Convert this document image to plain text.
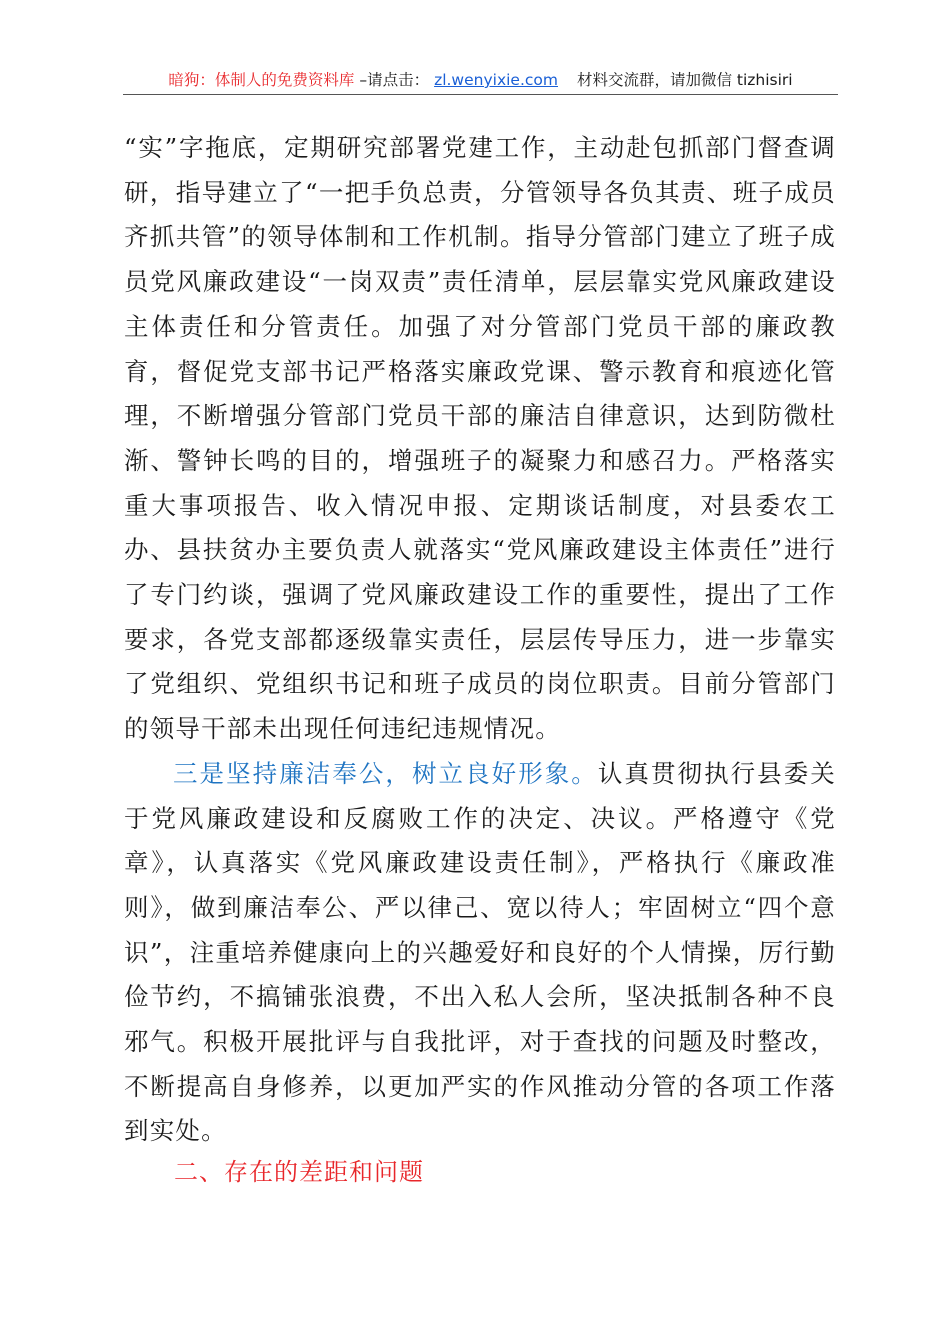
暗狗：体制人的免费资料库 –请点击： zl.wenyixie.com 材料交流群，请加微信 tizhisiri

“实”字拖底，定期研究部署党建工作，主动赴包抓部门督查调研，指导建立了“一把手负总责，分管领导各负其责、班子成员齐抓共管”的领导体制和工作机制。指导分管部门建立了班子成员党风廉政建设“一岗双责”责任清单，层层靠实党风廉政建设主体责任和分管责任。加强了对分管部门党员干部的廉政教育，督促党支部书记严格落实廉政党课、警示教育和痕迹化管理，不断增强分管部门党员干部的廉洁自律意识，达到防微杜渐、警钟长鸣的目的，增强班子的凝聚力和感召力。严格落实重大事项报告、收入情况申报、定期谈话制度，对县委农工办、县扶贫办主要负责人就落实“党风廉政建设主体责任”进行了专门约谈，强调了党风廉政建设工作的重要性，提出了工作要求，各党支部都逐级靠实责任，层层传导压力，进一步靠实了党组织、党组织书记和班子成员的岗位职责。目前分管部门的领导干部未出现任何违纪违规情况。

三是坚持廉洁奉公，树立良好形象。认真贯彻执行县委关于党风廉政建设和反腐败工作的决定、决议。严格遵守《党章》，认真落实《党风廉政建设责任制》，严格执行《廉政准则》，做到廉洁奉公、严以律己、宽以待人；牢固树立“四个意识”，注重培养健康向上的兴趣爱好和良好的个人情操，厉行勤俭节约，不搞铺张浪费，不出入私人会所，坚决抵制各种不良邪气。积极开展批评与自我批评，对于查找的问题及时整改，不断提高自身修养，以更加严实的作风推动分管的各项工作落到实处。

二、存在的差距和问题
